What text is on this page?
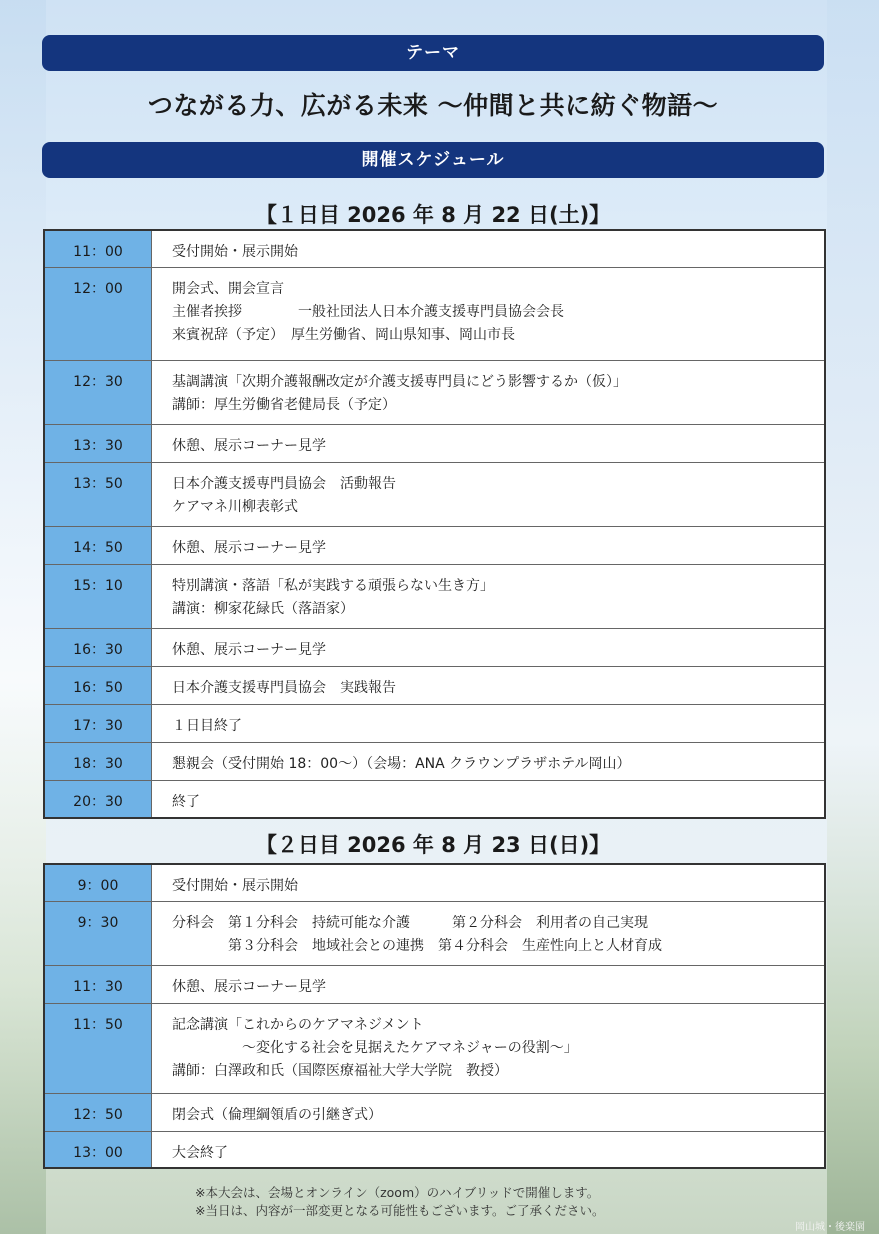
テーマ
つながる力、広がる未来 ～仲間と共に紡ぐ物語～
開催スケジュール
【１日目 2026 年 8 月 22 日(土)】
11：00	受付開始・展示開始

12：00	開会式、開会宣言
主催者挨拶　　　　一般社団法人日本介護支援専門員協会会長
来賓祝辞（予定）　厚生労働省、岡山県知事、岡山市長

12：30	基調講演「次期介護報酬改定が介護支援専門員にどう影響するか（仮）」
講師：厚生労働省老健局長（予定）

13：30	休憩、展示コーナー見学

13：50	日本介護支援専門員協会　活動報告
ケアマネ川柳表彰式

14：50	休憩、展示コーナー見学

15：10	特別講演・落語「私が実践する頑張らない生き方」
講演：柳家花緑氏（落語家）

16：30	休憩、展示コーナー見学

16：50	日本介護支援専門員協会　実践報告

17：30	１日目終了

18：30	懇親会（受付開始 18：00～）（会場：ANA クラウンプラザホテル岡山）

20：30	終了
【２日目 2026 年 8 月 23 日(日)】
9：00	受付開始・展示開始

9：30	分科会　第１分科会　持続可能な介護　　　第２分科会　利用者の自己実現
　　　　第３分科会　地域社会との連携　第４分科会　生産性向上と人材育成

11：30	休憩、展示コーナー見学

11：50	記念講演「これからのケアマネジメント
　　　　　～変化する社会を見据えたケアマネジャーの役割～」
講師：白澤政和氏（国際医療福祉大学大学院　教授）

12：50	閉会式（倫理綱領盾の引継ぎ式）

13：00	大会終了
※本大会は、会場とオンライン（zoom）のハイブリッドで開催します。
※当日は、内容が一部変更となる可能性もございます。ご了承ください。
岡山城・後楽園
